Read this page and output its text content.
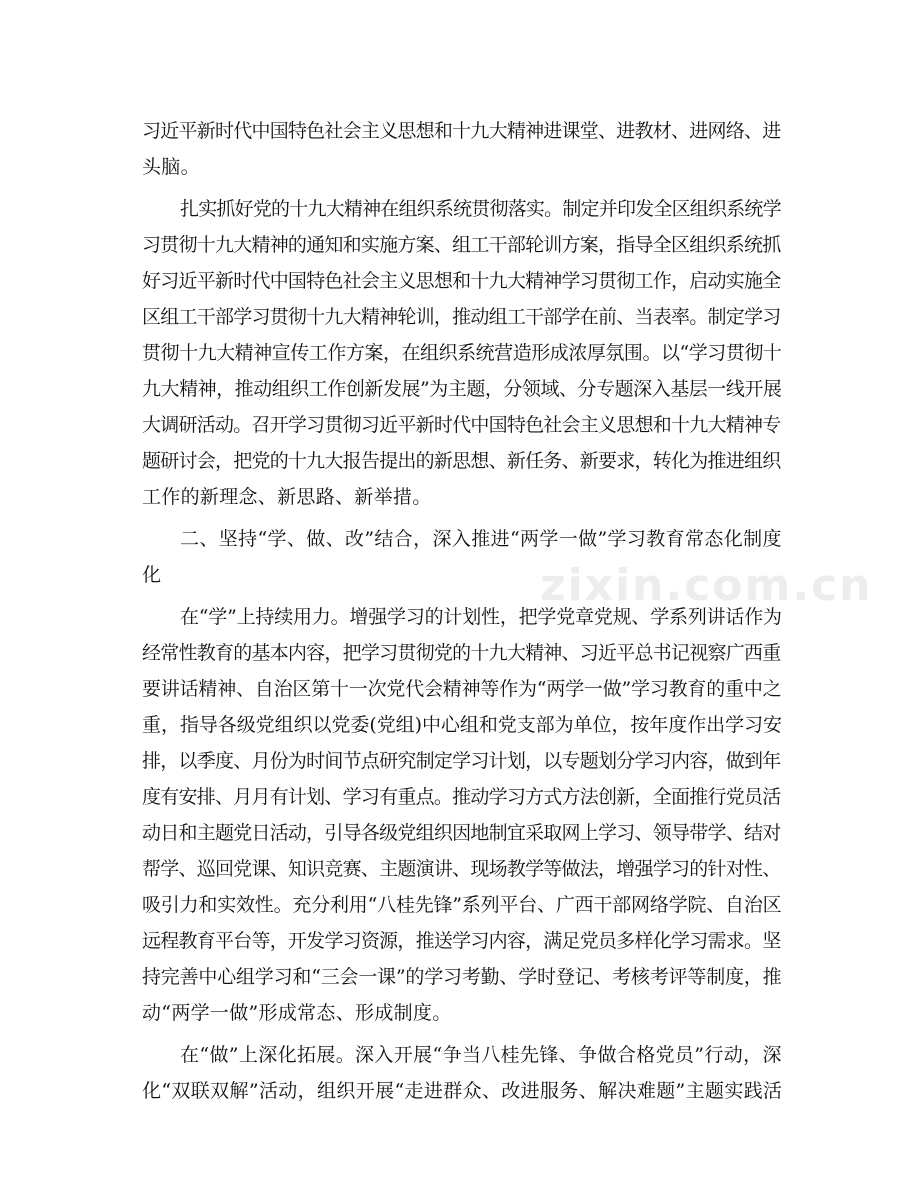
习近平新时代中国特色社会主义思想和十九大精神进课堂、进教材、进网络、进
头脑。
扎实抓好党的十九大精神在组织系统贯彻落实。制定并印发全区组织系统学
习贯彻十九大精神的通知和实施方案、组工干部轮训方案，指导全区组织系统抓
好习近平新时代中国特色社会主义思想和十九大精神学习贯彻工作，启动实施全
区组工干部学习贯彻十九大精神轮训，推动组工干部学在前、当表率。制定学习
贯彻十九大精神宣传工作方案，在组织系统营造形成浓厚氛围。以“学习贯彻十
九大精神，推动组织工作创新发展”为主题，分领域、分专题深入基层一线开展
大调研活动。召开学习贯彻习近平新时代中国特色社会主义思想和十九大精神专
题研讨会，把党的十九大报告提出的新思想、新任务、新要求，转化为推进组织
工作的新理念、新思路、新举措。
二、坚持“学、做、改”结合，深入推进“两学一做”学习教育常态化制度
化
在“学”上持续用力。增强学习的计划性，把学党章党规、学系列讲话作为
经常性教育的基本内容，把学习贯彻党的十九大精神、习近平总书记视察广西重
要讲话精神、自治区第十一次党代会精神等作为“两学一做”学习教育的重中之
重，指导各级党组织以党委(党组)中心组和党支部为单位，按年度作出学习安
排，以季度、月份为时间节点研究制定学习计划，以专题划分学习内容，做到年
度有安排、月月有计划、学习有重点。推动学习方式方法创新，全面推行党员活
动日和主题党日活动，引导各级党组织因地制宜采取网上学习、领导带学、结对
帮学、巡回党课、知识竞赛、主题演讲、现场教学等做法，增强学习的针对性、
吸引力和实效性。充分利用“八桂先锋”系列平台、广西干部网络学院、自治区
远程教育平台等，开发学习资源，推送学习内容，满足党员多样化学习需求。坚
持完善中心组学习和“三会一课”的学习考勤、学时登记、考核考评等制度，推
动“两学一做”形成常态、形成制度。
在“做”上深化拓展。深入开展“争当八桂先锋、争做合格党员”行动，深
化“双联双解”活动，组织开展“走进群众、改进服务、解决难题”主题实践活
zixin.com.cn
